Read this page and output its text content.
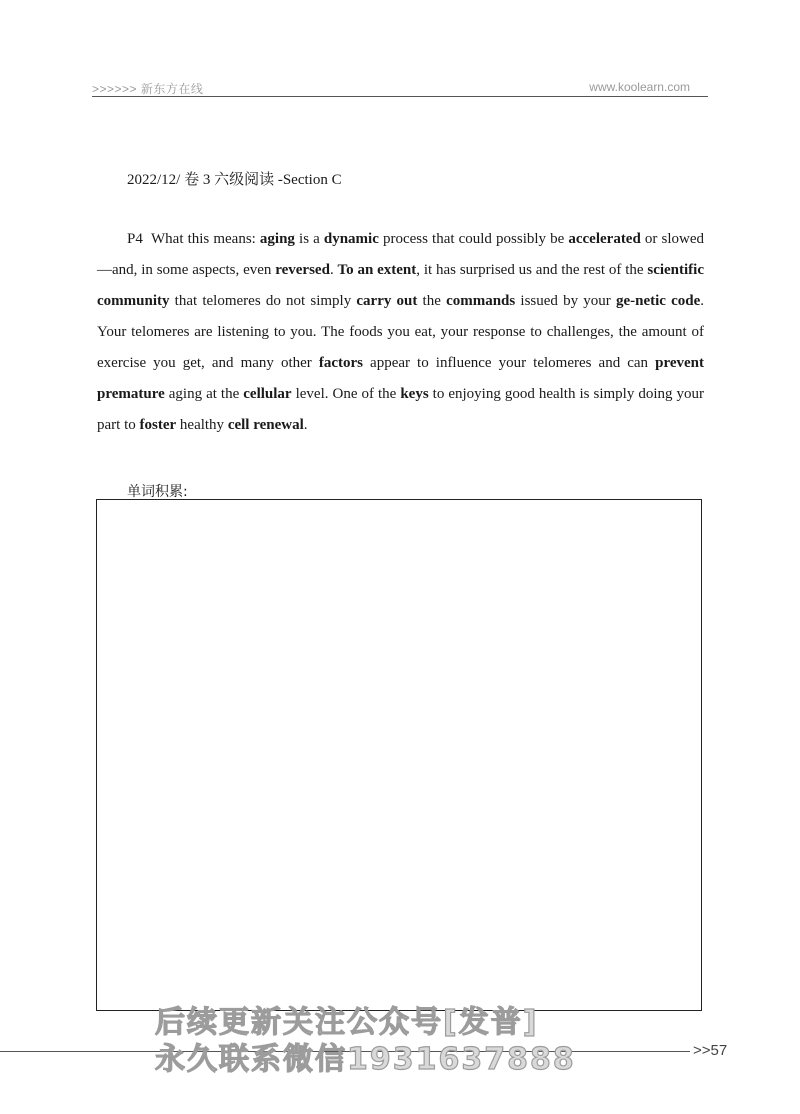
>>>>>> 新东方在线	www.koolearn.com
2022/12/ 卷 3 六级阅读 -Section C
P4 What this means: aging is a dynamic process that could possibly be accelerated or slowed—and, in some aspects, even reversed. To an extent, it has surprised us and the rest of the scientific community that telomeres do not simply carry out the commands issued by your ge-netic code. Your telomeres are listening to you. The foods you eat, your response to challenges, the amount of exercise you get, and many other factors appear to influence your telomeres and can prevent premature aging at the cellular level. One of the keys to enjoying good health is simply doing your part to foster healthy cell renewal.
单词积累:
>>57
后续更新关注公众号[发普]
永久联系微信1931637888
